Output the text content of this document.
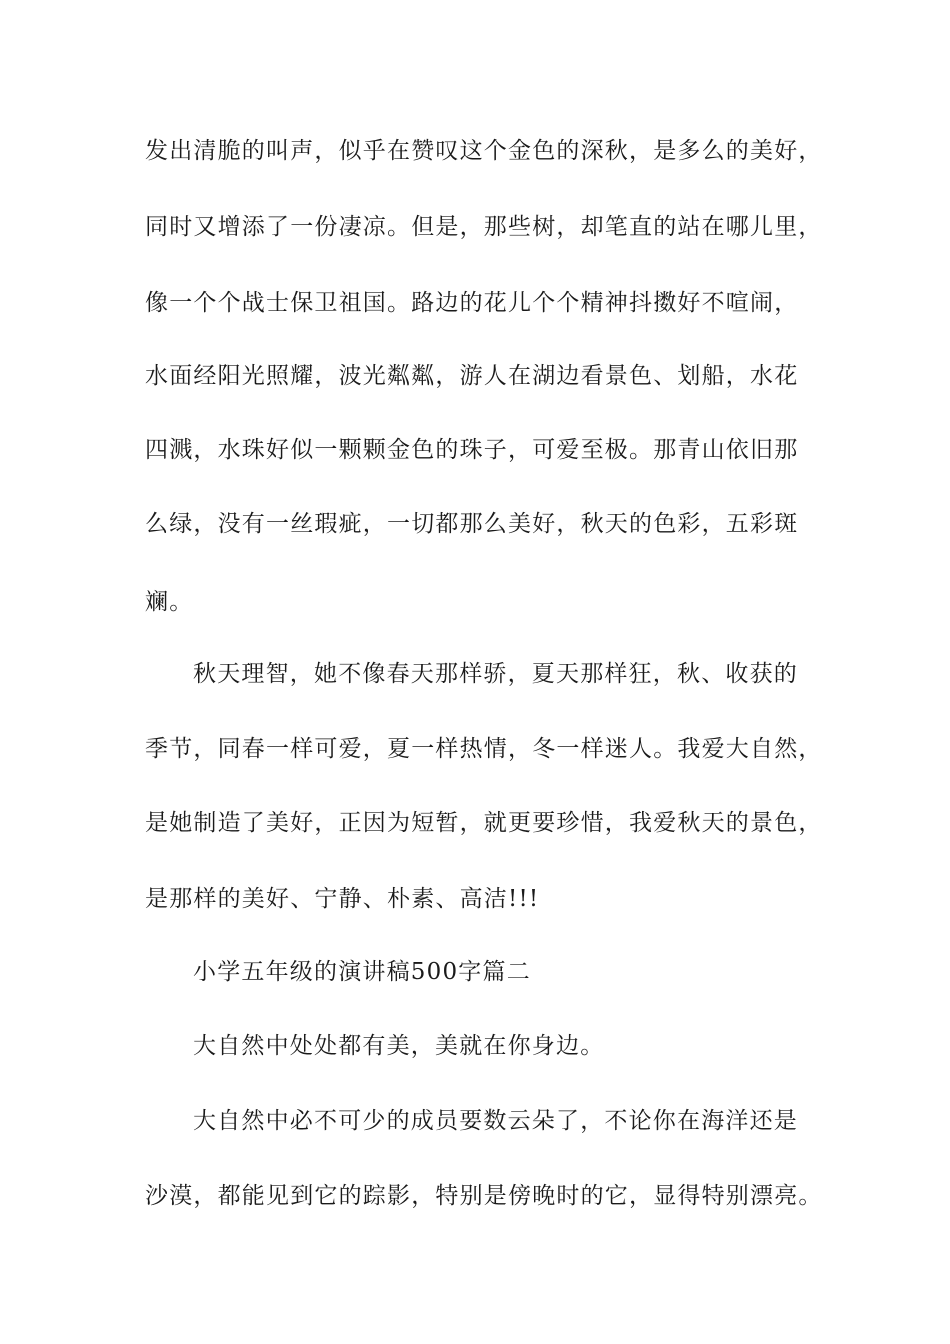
发出清脆的叫声，似乎在赞叹这个金色的深秋，是多么的美好，
同时又增添了一份凄凉。但是，那些树，却笔直的站在哪儿里，
像一个个战士保卫祖国。路边的花儿个个精神抖擞好不喧闹，
水面经阳光照耀，波光粼粼，游人在湖边看景色、划船，水花
四溅，水珠好似一颗颗金色的珠子，可爱至极。那青山依旧那
么绿，没有一丝瑕疵，一切都那么美好，秋天的色彩，五彩斑
斓。
秋天理智，她不像春天那样骄，夏天那样狂，秋、收获的
季节，同春一样可爱，夏一样热情，冬一样迷人。我爱大自然，
是她制造了美好，正因为短暂，就更要珍惜，我爱秋天的景色，
是那样的美好、宁静、朴素、高洁!!!
小学五年级的演讲稿500字篇二
大自然中处处都有美，美就在你身边。
大自然中必不可少的成员要数云朵了，不论你在海洋还是
沙漠，都能见到它的踪影，特别是傍晚时的它，显得特别漂亮。
